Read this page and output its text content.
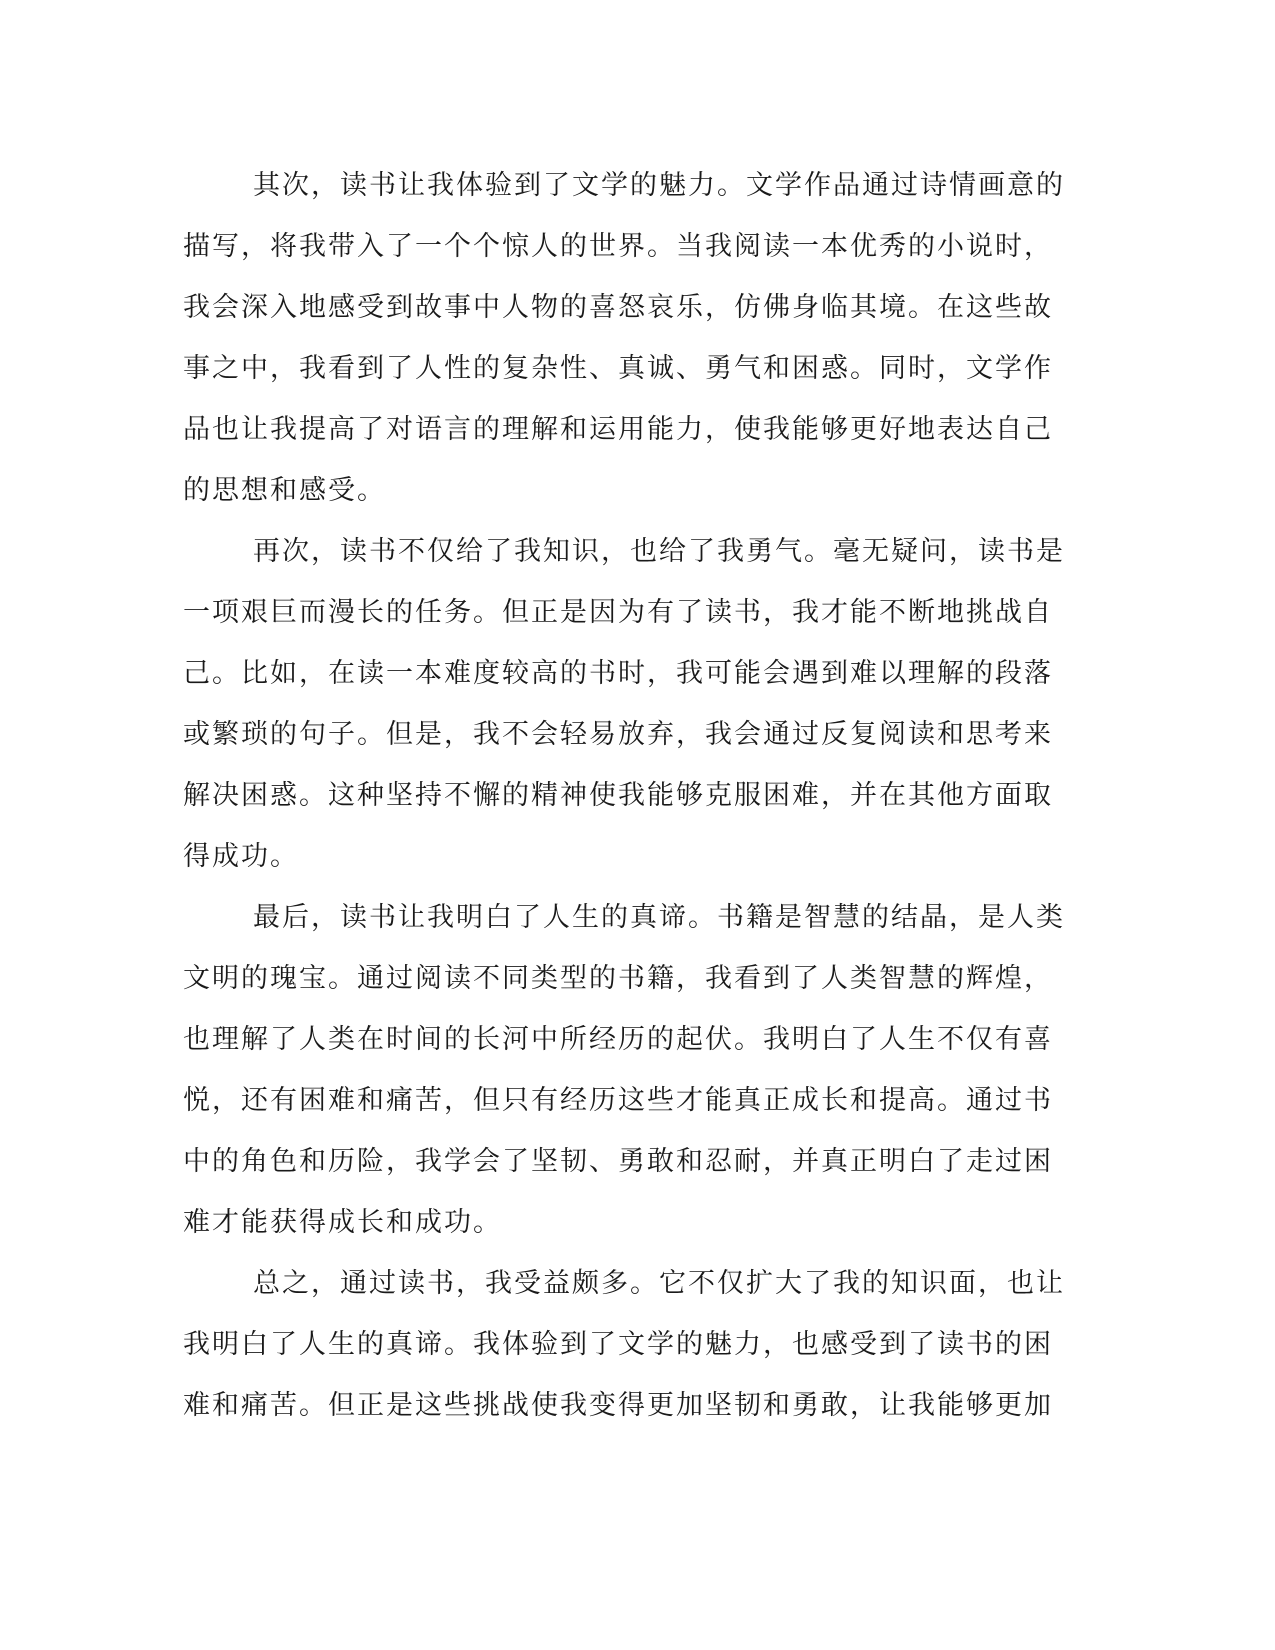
其次，读书让我体验到了文学的魅力。文学作品通过诗情画意的
描写，将我带入了一个个惊人的世界。当我阅读一本优秀的小说时，
我会深入地感受到故事中人物的喜怒哀乐，仿佛身临其境。在这些故
事之中，我看到了人性的复杂性、真诚、勇气和困惑。同时，文学作
品也让我提高了对语言的理解和运用能力，使我能够更好地表达自己
的思想和感受。
再次，读书不仅给了我知识，也给了我勇气。毫无疑问，读书是
一项艰巨而漫长的任务。但正是因为有了读书，我才能不断地挑战自
己。比如，在读一本难度较高的书时，我可能会遇到难以理解的段落
或繁琐的句子。但是，我不会轻易放弃，我会通过反复阅读和思考来
解决困惑。这种坚持不懈的精神使我能够克服困难，并在其他方面取
得成功。
最后，读书让我明白了人生的真谛。书籍是智慧的结晶，是人类
文明的瑰宝。通过阅读不同类型的书籍，我看到了人类智慧的辉煌，
也理解了人类在时间的长河中所经历的起伏。我明白了人生不仅有喜
悦，还有困难和痛苦，但只有经历这些才能真正成长和提高。通过书
中的角色和历险，我学会了坚韧、勇敢和忍耐，并真正明白了走过困
难才能获得成长和成功。
总之，通过读书，我受益颇多。它不仅扩大了我的知识面，也让
我明白了人生的真谛。我体验到了文学的魅力，也感受到了读书的困
难和痛苦。但正是这些挑战使我变得更加坚韧和勇敢，让我能够更加
